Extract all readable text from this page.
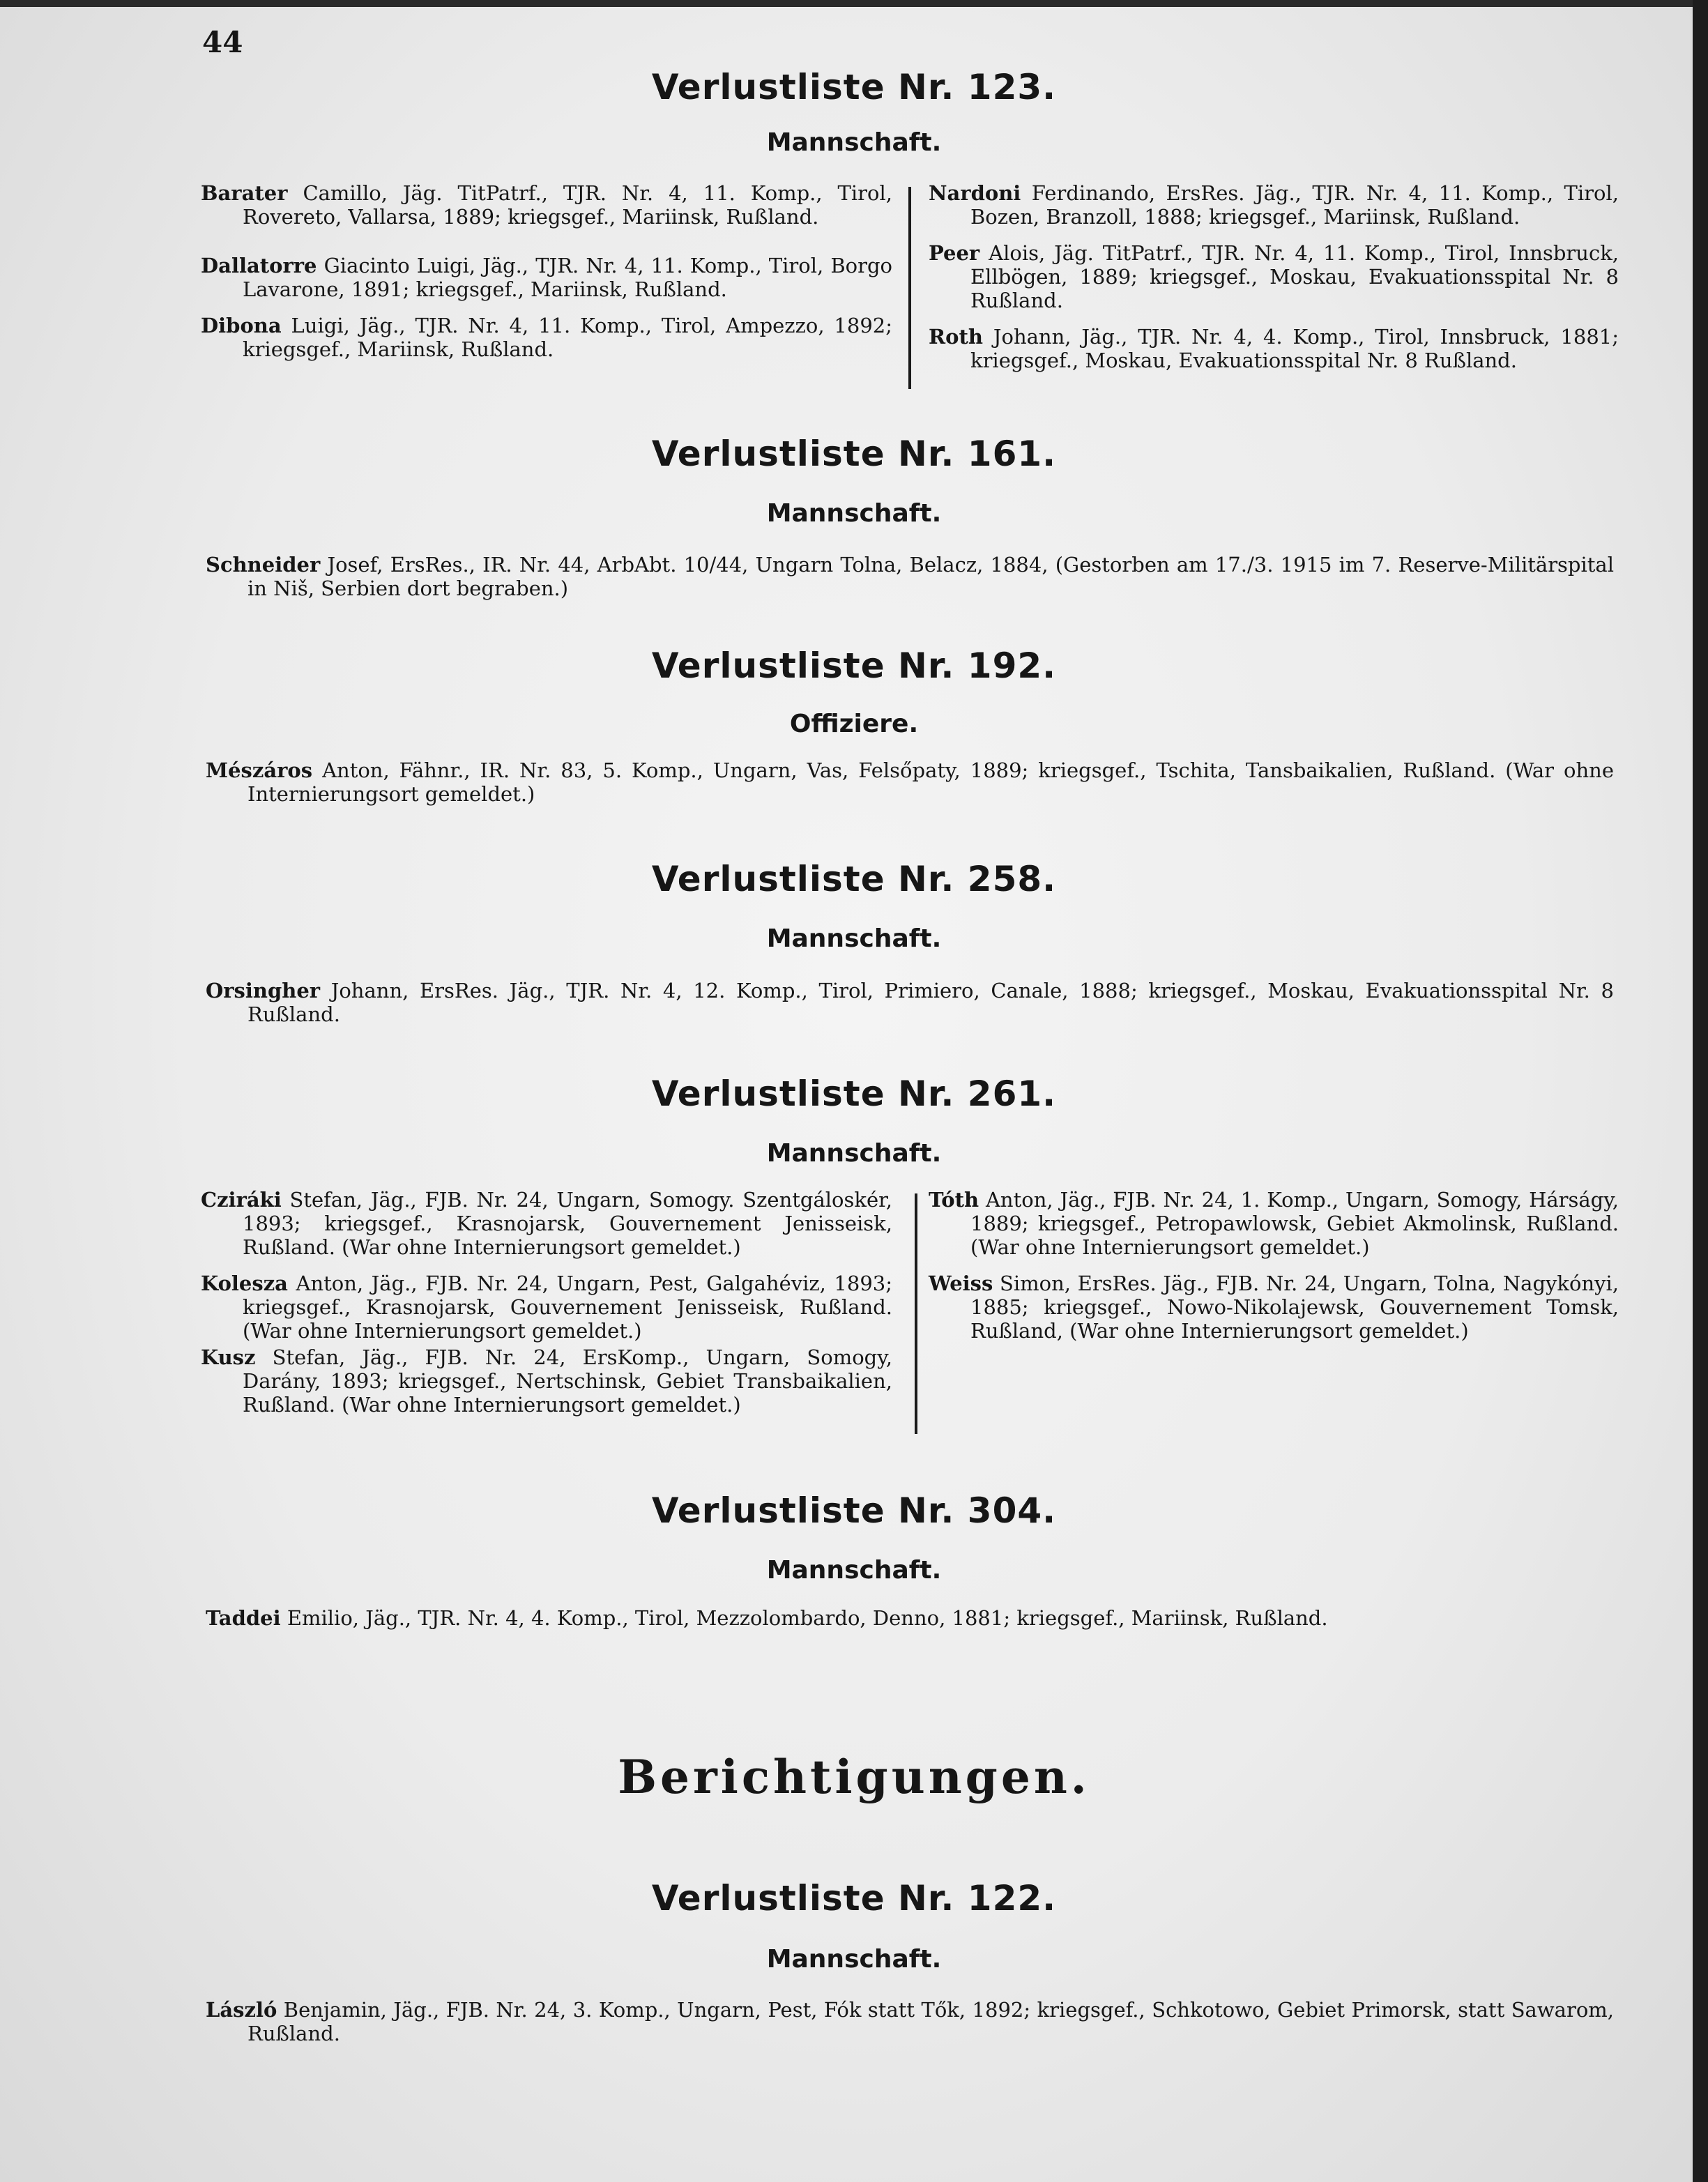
44
Verlustliste Nr. 123.
Mannschaft.

Barater Camillo, Jäg. TitPatrf., TJR. Nr. 4, 11. Komp., Tirol, Rovereto, Vallarsa, 1889; kriegsgef., Mariinsk, Rußland.

Dallatorre Giacinto Luigi, Jäg., TJR. Nr. 4, 11. Komp., Tirol, Borgo Lavarone, 1891; kriegsgef., Mariinsk, Rußland.

Dibona Luigi, Jäg., TJR. Nr. 4, 11. Komp., Tirol, Ampezzo, 1892; kriegsgef., Mariinsk, Rußland.

Nardoni Ferdinando, ErsRes. Jäg., TJR. Nr. 4, 11. Komp., Tirol, Bozen, Branzoll, 1888; kriegsgef., Mariinsk, Rußland.

Peer Alois, Jäg. TitPatrf., TJR. Nr. 4, 11. Komp., Tirol, Innsbruck, Ellbögen, 1889; kriegsgef., Moskau, Evakuationsspital Nr. 8 Rußland.

Roth Johann, Jäg., TJR. Nr. 4, 4. Komp., Tirol, Innsbruck, 1881; kriegsgef., Moskau, Evakuationsspital Nr. 8 Rußland.

Verlustliste Nr. 161.
Mannschaft.

Schneider Josef, ErsRes., IR. Nr. 44, ArbAbt. 10/44, Ungarn Tolna, Belacz, 1884, (Gestorben am 17./3. 1915 im 7. Reserve-Militärspital in Niš, Serbien dort begraben.)

Verlustliste Nr. 192.
Offiziere.

Mészáros Anton, Fähnr., IR. Nr. 83, 5. Komp., Ungarn, Vas, Felsőpaty, 1889; kriegsgef., Tschita, Tansbaikalien, Rußland. (War ohne Internierungsort gemeldet.)

Verlustliste Nr. 258.
Mannschaft.

Orsingher Johann, ErsRes. Jäg., TJR. Nr. 4, 12. Komp., Tirol, Primiero, Canale, 1888; kriegsgef., Moskau, Evakuationsspital Nr. 8 Rußland.

Verlustliste Nr. 261.
Mannschaft.

Cziráki Stefan, Jäg., FJB. Nr. 24, Ungarn, Somogy. Szentgáloskér, 1893; kriegsgef., Krasnojarsk, Gouvernement Jenisseisk, Rußland. (War ohne Internierungsort gemeldet.)

Kolesza Anton, Jäg., FJB. Nr. 24, Ungarn, Pest, Galgahéviz, 1893; kriegsgef., Krasnojarsk, Gouvernement Jenisseisk, Rußland. (War ohne Internierungsort gemeldet.)

Kusz Stefan, Jäg., FJB. Nr. 24, ErsKomp., Ungarn, Somogy, Darány, 1893; kriegsgef., Nertschinsk, Gebiet Transbaikalien, Rußland. (War ohne Internierungsort gemeldet.)

Tóth Anton, Jäg., FJB. Nr. 24, 1. Komp., Ungarn, Somogy, Hárságy, 1889; kriegsgef., Petropawlowsk, Gebiet Akmolinsk, Rußland. (War ohne Internierungsort gemeldet.)

Weiss Simon, ErsRes. Jäg., FJB. Nr. 24, Ungarn, Tolna, Nagykónyi, 1885; kriegsgef., Nowo-Nikolajewsk, Gouvernement Tomsk, Rußland, (War ohne Internierungsort gemeldet.)

Verlustliste Nr. 304.
Mannschaft.

Taddei Emilio, Jäg., TJR. Nr. 4, 4. Komp., Tirol, Mezzolombardo, Denno, 1881; kriegsgef., Mariinsk, Rußland.

Berichtigungen.
Verlustliste Nr. 122.
Mannschaft.

László Benjamin, Jäg., FJB. Nr. 24, 3. Komp., Ungarn, Pest, Fók statt Tők, 1892; kriegsgef., Schkotowo, Gebiet Primorsk, statt Sawarom, Rußland.
